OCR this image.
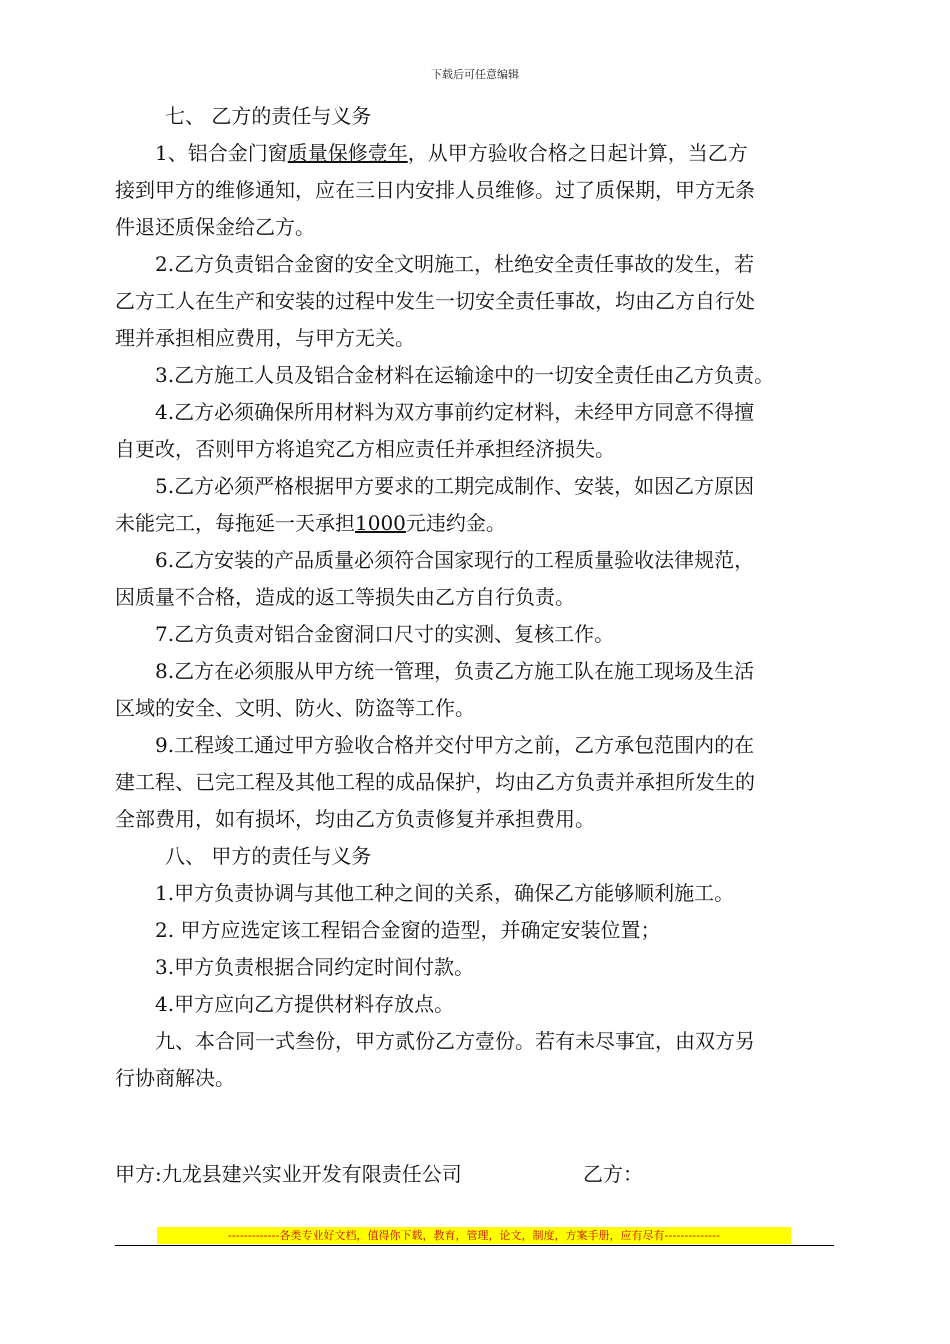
下载后可任意编辑
七、 乙方的责任与义务
1、铝合金门窗质量保修壹年，从甲方验收合格之日起计算，当乙方
接到甲方的维修通知，应在三日内安排人员维修。过了质保期，甲方无条
件退还质保金给乙方。
2.乙方负责铝合金窗的安全文明施工，杜绝安全责任事故的发生，若
乙方工人在生产和安装的过程中发生一切安全责任事故，均由乙方自行处
理并承担相应费用，与甲方无关。
3.乙方施工人员及铝合金材料在运输途中的一切安全责任由乙方负责。
4.乙方必须确保所用材料为双方事前约定材料，未经甲方同意不得擅
自更改，否则甲方将追究乙方相应责任并承担经济损失。
5.乙方必须严格根据甲方要求的工期完成制作、安装，如因乙方原因
未能完工，每拖延一天承担1000元违约金。
6.乙方安装的产品质量必须符合国家现行的工程质量验收法律规范，
因质量不合格，造成的返工等损失由乙方自行负责。
7.乙方负责对铝合金窗洞口尺寸的实测、复核工作。
8.乙方在必须服从甲方统一管理，负责乙方施工队在施工现场及生活
区域的安全、文明、防火、防盗等工作。
9.工程竣工通过甲方验收合格并交付甲方之前，乙方承包范围内的在
建工程、已完工程及其他工程的成品保护，均由乙方负责并承担所发生的
全部费用，如有损坏，均由乙方负责修复并承担费用。
八、 甲方的责任与义务
1.甲方负责协调与其他工种之间的关系，确保乙方能够顺利施工。
2. 甲方应选定该工程铝合金窗的造型，并确定安装位置；
3.甲方负责根据合同约定时间付款。
4.甲方应向乙方提供材料存放点。
九、本合同一式叁份，甲方贰份乙方壹份。若有未尽事宜，由双方另
行协商解决。
甲方:九龙县建兴实业开发有限责任公司	乙方：
-------------各类专业好文档，值得你下载，教育，管理，论文，制度，方案手册，应有尽有--------------
